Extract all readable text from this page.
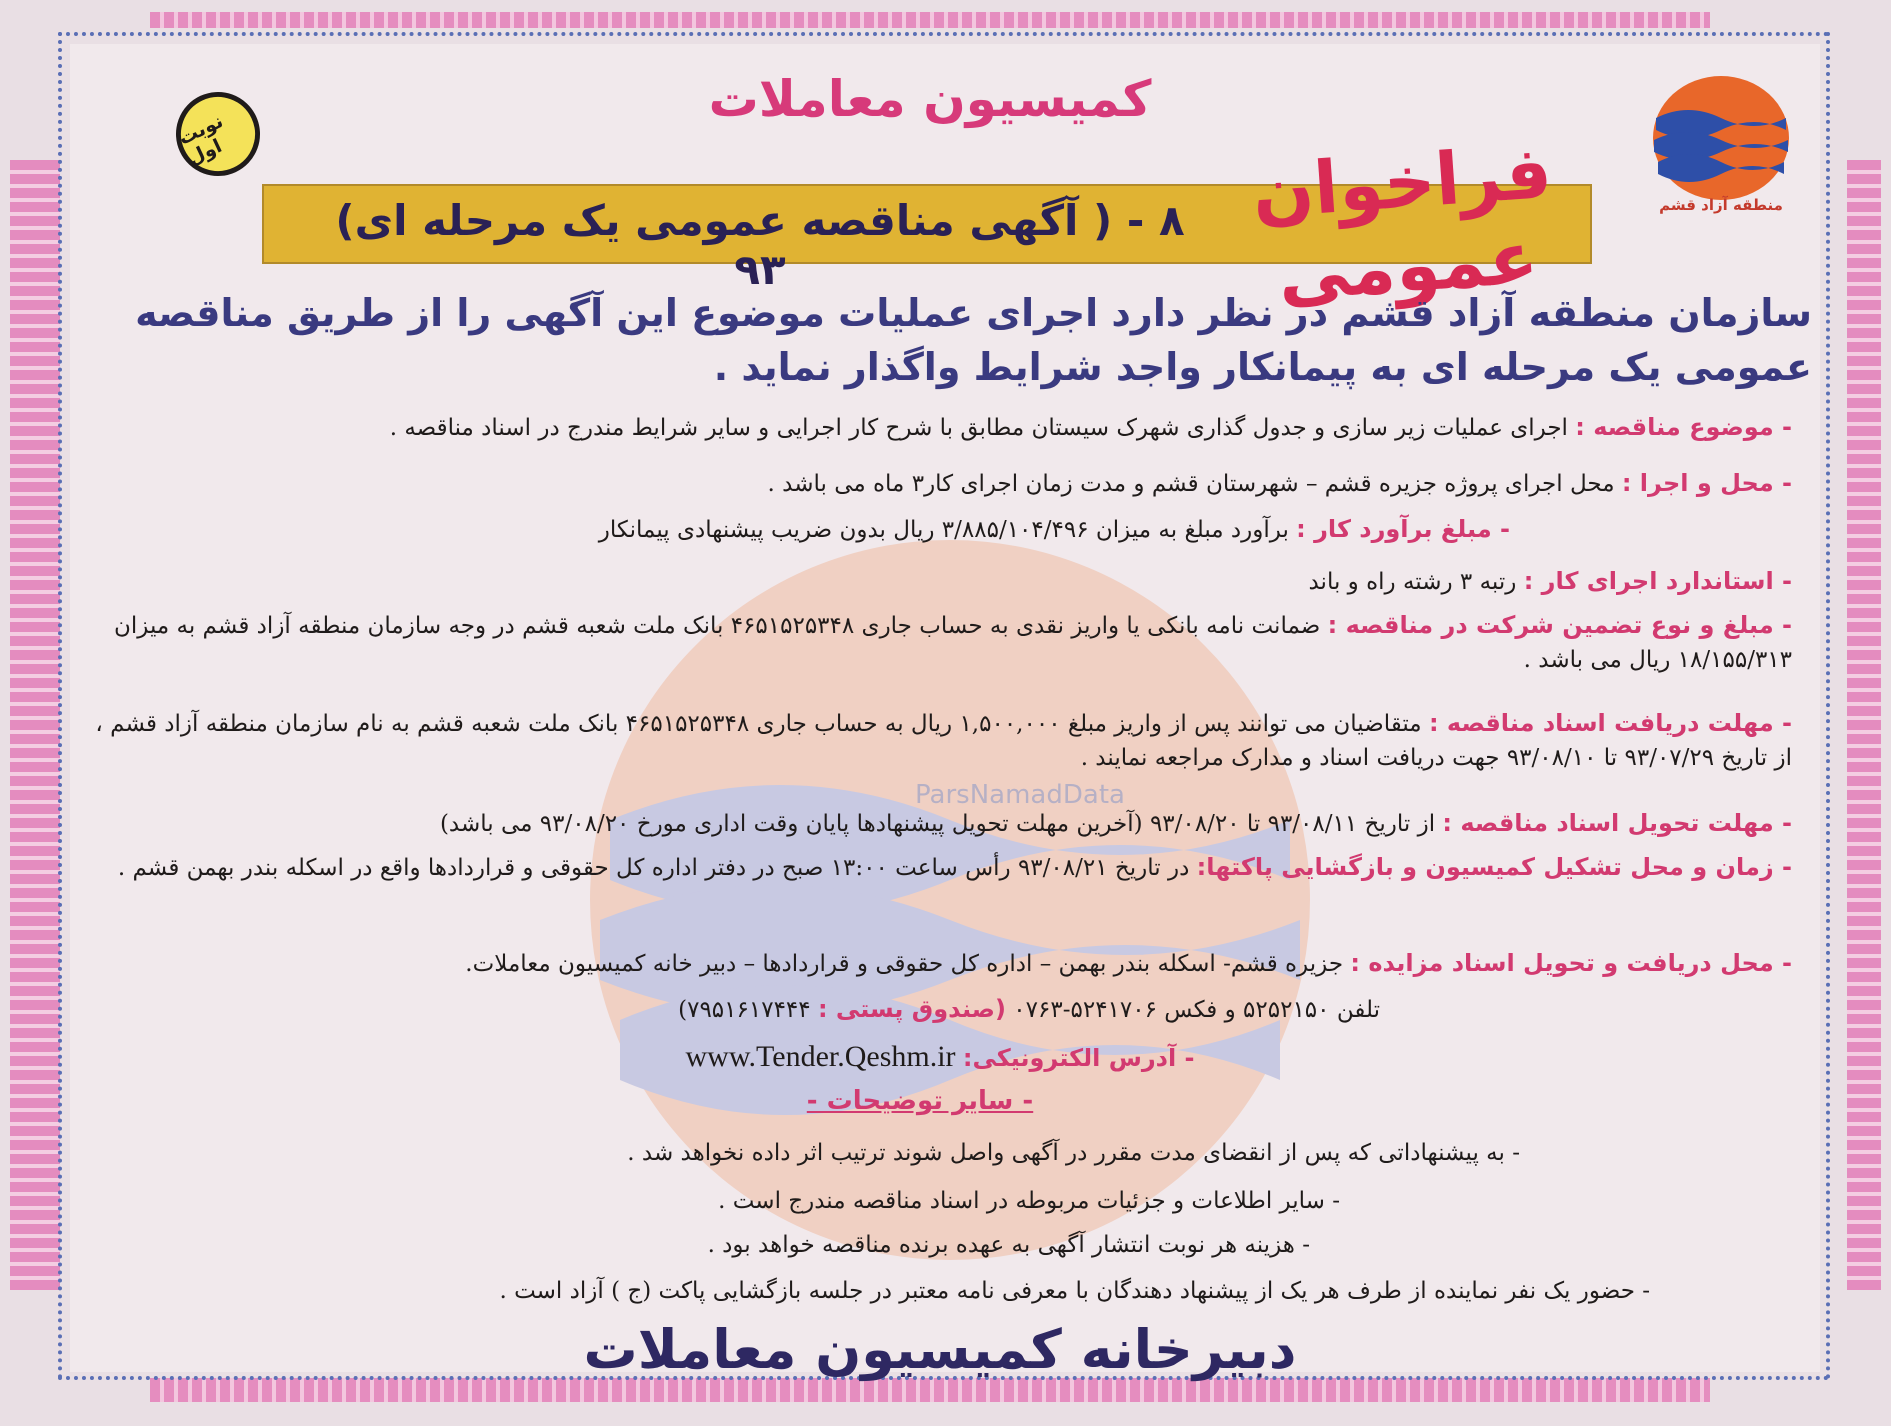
ParsNamadData
منطقه آزاد قشم
کمیسیون معاملات
نوبت اول
(آگهی مناقصه عمومی یک مرحله ای ) ۸ - ۹۳
فراخوان عمومی
سازمان منطقه آزاد قشم در نظر دارد اجرای عملیات موضوع این آگهی را از طریق مناقصه عمومی یک مرحله ای به پیمانکار واجد شرایط واگذار نماید .
- موضوع مناقصه : اجرای عملیات زیر سازی و جدول گذاری شهرک سیستان مطابق با شرح کار اجرایی و سایر شرایط مندرج در اسناد مناقصه .
- محل و اجرا : محل اجرای پروژه جزیره قشم – شهرستان قشم و مدت زمان اجرای کار۳ ماه می باشد .
- مبلغ برآورد کار : برآورد مبلغ به میزان ۳/۸۸۵/۱۰۴/۴۹۶ ریال بدون ضریب پیشنهادی پیمانکار
- استاندارد اجرای کار : رتبه ۳ رشته راه و باند
- مبلغ و نوع تضمین شرکت در مناقصه : ضمانت نامه بانکی یا واریز نقدی به حساب جاری ۴۶۵۱۵۲۵۳۴۸ بانک ملت شعبه قشم در وجه سازمان منطقه آزاد قشم به میزان ۱۸/۱۵۵/۳۱۳ ریال می باشد .
- مهلت دریافت اسناد مناقصه : متقاضیان می توانند پس از واریز مبلغ ۱,۵۰۰,۰۰۰ ریال به حساب جاری ۴۶۵۱۵۲۵۳۴۸ بانک ملت شعبه قشم به نام سازمان منطقه آزاد قشم ، از تاریخ ۹۳/۰۷/۲۹ تا ۹۳/۰۸/۱۰ جهت دریافت اسناد و مدارک مراجعه نمایند .
- مهلت تحویل اسناد مناقصه : از تاریخ ۹۳/۰۸/۱۱ تا ۹۳/۰۸/۲۰ (آخرین مهلت تحویل پیشنهادها پایان وقت اداری مورخ ۹۳/۰۸/۲۰ می باشد)
- زمان و محل تشکیل کمیسیون و بازگشایی پاکتها: در تاریخ ۹۳/۰۸/۲۱ رأس ساعت ۱۳:۰۰ صبح در دفتر اداره کل حقوقی و قراردادها واقع در اسکله بندر بهمن قشم .
- محل دریافت و تحویل اسناد مزایده : جزیره قشم- اسکله بندر بهمن – اداره کل حقوقی و قراردادها – دبیر خانه کمیسیون معاملات.
تلفن ۵۲۵۲۱۵۰ و فکس ۵۲۴۱۷۰۶-۰۷۶۳ (صندوق پستی : ۷۹۵۱۶۱۷۴۴۴)
- آدرس الکترونیکی: www.Tender.Qeshm.ir
- سایر توضیحات -
- به پیشنهاداتی که پس از انقضای مدت مقرر در آگهی واصل شوند ترتیب اثر داده نخواهد شد .
- سایر اطلاعات و جزئیات مربوطه در اسناد مناقصه مندرج است .
- هزینه هر نوبت انتشار آگهی به عهده برنده مناقصه خواهد بود .
- حضور یک نفر نماینده از طرف هر یک از پیشنهاد دهندگان با معرفی نامه معتبر در جلسه بازگشایی پاکت (ج ) آزاد است .
دبیرخانه کمیسیون معاملات
